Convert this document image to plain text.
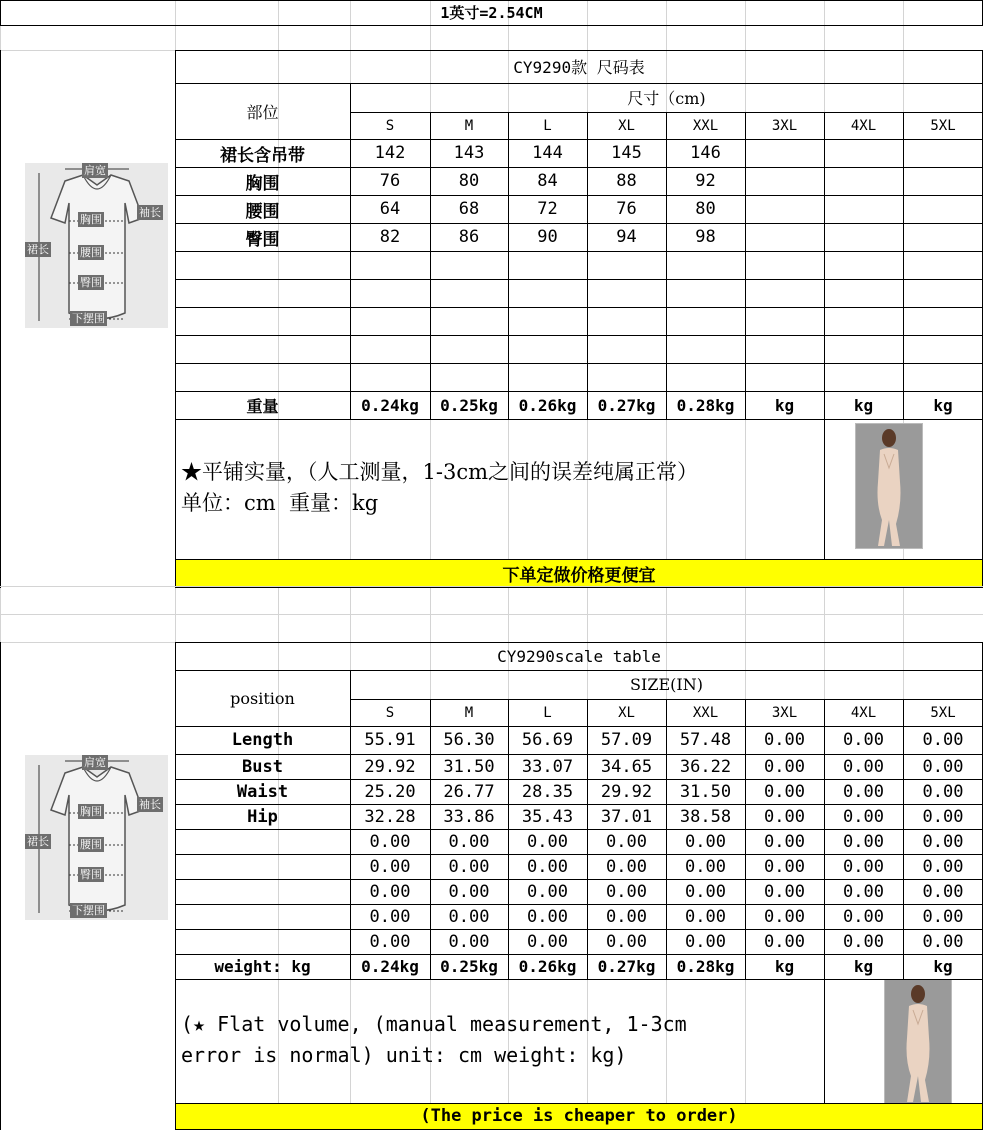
1英寸=2.54CM
CY9290款 尺码表
部位
尺寸（cm)
S	M	L	XL	XXL	3XL	4XL	5XL
裙长含吊带	142	143	144	145	146
胸围	76	80	84	88	92
腰围	64	68	72	76	80
臀围	82	86	90	94	98
重量	0.24kg	0.25kg	0.26kg	0.27kg	0.28kg	kg	kg	kg
★平铺实量，（人工测量，1-3cm之间的误差纯属正常）
单位：cm  重量：kg
下单定做价格更便宜
肩宽
袖长
胸围
裙长	腰围
臀围
下摆围
CY9290scale table
position
SIZE(IN)
S	M	L	XL	XXL	3XL	4XL	5XL
Length	55.91	56.30	56.69	57.09	57.48	0.00	0.00	0.00
Bust	29.92	31.50	33.07	34.65	36.22	0.00	0.00	0.00
Waist	25.20	26.77	28.35	29.92	31.50	0.00	0.00	0.00
Hip	32.28	33.86	35.43	37.01	38.58	0.00	0.00	0.00
0.00	0.00	0.00	0.00	0.00	0.00	0.00	0.00
0.00	0.00	0.00	0.00	0.00	0.00	0.00	0.00
0.00	0.00	0.00	0.00	0.00	0.00	0.00	0.00
0.00	0.00	0.00	0.00	0.00	0.00	0.00	0.00
0.00	0.00	0.00	0.00	0.00	0.00	0.00	0.00
weight: kg	0.24kg	0.25kg	0.26kg	0.27kg	0.28kg	kg	kg	kg
(★ Flat volume, (manual measurement, 1-3cm
error is normal) unit: cm weight: kg)
(The price is cheaper to order)
肩宽
袖长
胸围
裙长	腰围
臀围
下摆围
